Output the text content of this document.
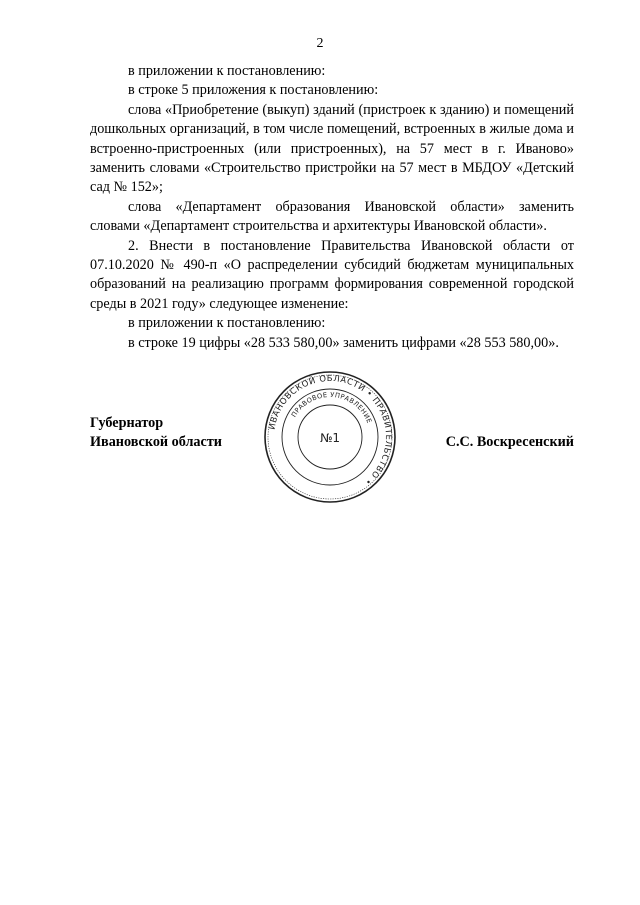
2

в приложении к постановлению:

в строке 5 приложения к постановлению:

слова «Приобретение (выкуп) зданий (пристроек к зданию) и помещений дошкольных организаций, в том числе помещений, встроенных в жилые дома и встроенно-пристроенных (или пристроенных), на 57 мест в г. Иваново» заменить словами «Строительство пристройки на 57 мест в МБДОУ «Детский сад № 152»;

слова «Департамент образования Ивановской области» заменить словами «Департамент строительства и архитектуры Ивановской области».

2. Внести в постановление Правительства Ивановской области от 07.10.2020 № 490-п «О распределении субсидий бюджетам муниципальных образований на реализацию программ формирования современной городской среды в 2021 году» следующее изменение:

в приложении к постановлению:

в строке 19 цифры «28 533 580,00» заменить цифрами «28 553 580,00».

Губернатор
Ивановской области	С.С. Воскресенский
ИВАНОВСКОЙ ОБЛАСТИ • ПРАВИТЕЛЬСТВО •
ПРАВОВОЕ УПРАВЛЕНИЕ
№1
